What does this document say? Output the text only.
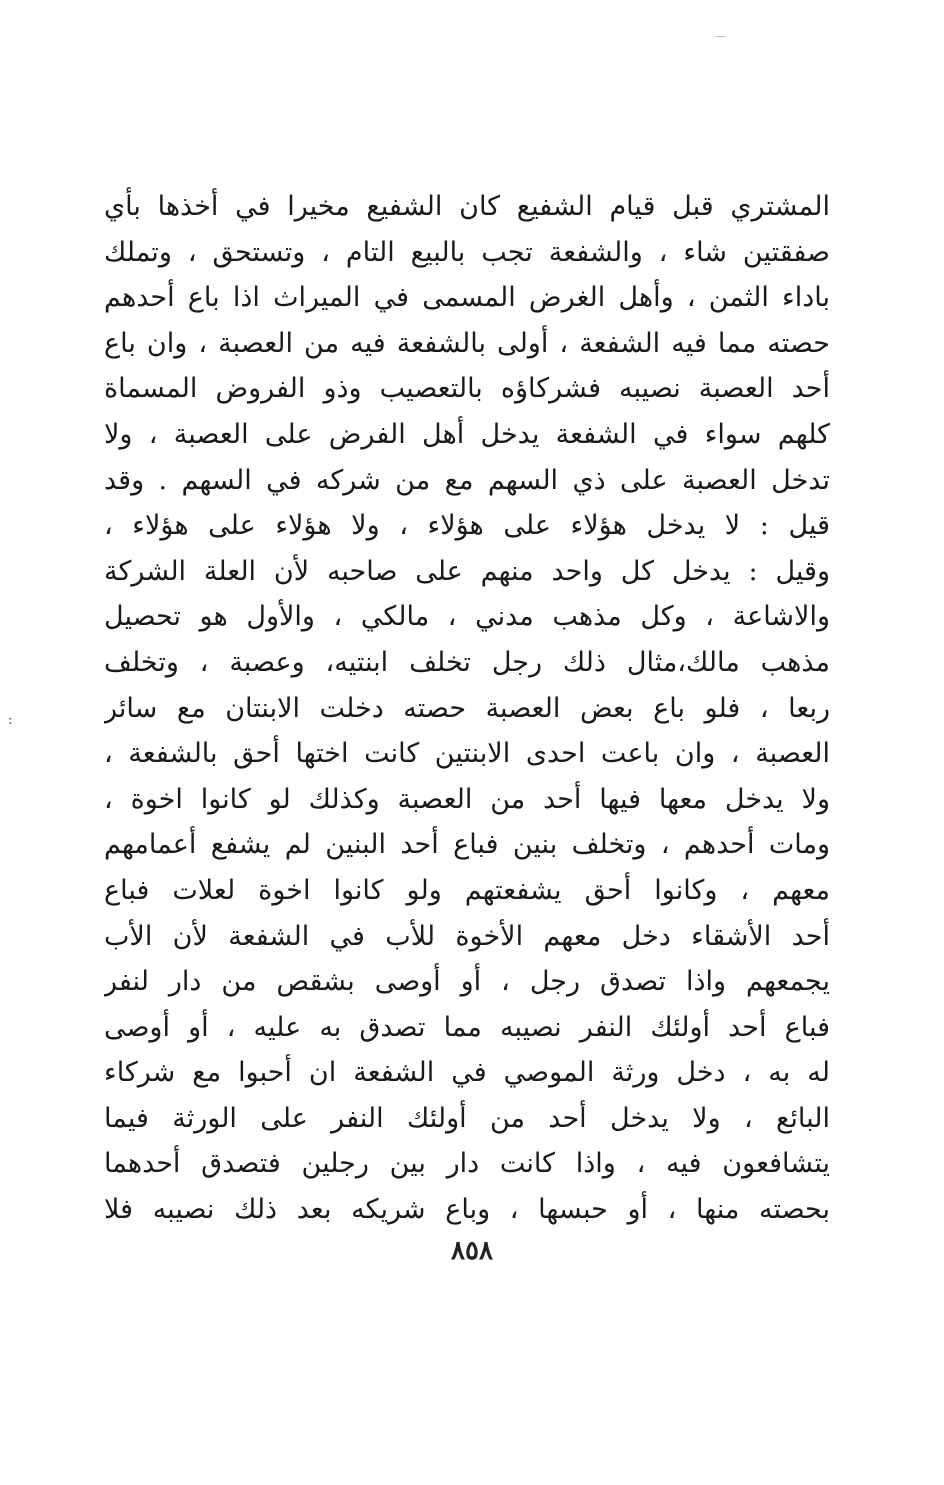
:
المشتري قبل قيام الشفيع كان الشفيع مخيرا في أخذها بأي
صفقتين شاء ، والشفعة تجب بالبيع التام ، وتستحق ، وتملك
باداء الثمن ، وأهل الغرض المسمى في الميراث اذا باع أحدهم
حصته مما فيه الشفعة ، أولى بالشفعة فيه من العصبة ، وان باع
أحد العصبة نصيبه فشركاؤه بالتعصيب وذو الفروض المسماة
كلهم سواء في الشفعة يدخل أهل الفرض على العصبة ، ولا
تدخل العصبة على ذي السهم مع من شركه في السهم . وقد
قيل : لا يدخل هؤلاء على هؤلاء ، ولا هؤلاء على هؤلاء ،
وقيل : يدخل كل واحد منهم على صاحبه لأن العلة الشركة
والاشاعة ، وكل مذهب مدني ، مالكي ، والأول هو تحصيل
مذهب مالك،مثال ذلك رجل تخلف ابنتيه، وعصبة ، وتخلف
ربعا ، فلو باع بعض العصبة حصته دخلت الابنتان مع سائر
العصبة ، وان باعت احدى الابنتين كانت اختها أحق بالشفعة ،
ولا يدخل معها فيها أحد من العصبة وكذلك لو كانوا اخوة ،
ومات أحدهم ، وتخلف بنين فباع أحد البنين لم يشفع أعمامهم
معهم ، وكانوا أحق يشفعتهم ولو كانوا اخوة لعلات فباع
أحد الأشقاء دخل معهم الأخوة للأب في الشفعة لأن الأب
يجمعهم واذا تصدق رجل ، أو أوصى بشقص من دار لنفر
فباع أحد أولئك النفر نصيبه مما تصدق به عليه ، أو أوصى
له به ، دخل ورثة الموصي في الشفعة ان أحبوا مع شركاء
البائع ، ولا يدخل أحد من أولئك النفر على الورثة فيما
يتشافعون فيه ، واذا كانت دار بين رجلين فتصدق أحدهما
بحصته منها ، أو حبسها ، وباع شريكه بعد ذلك نصيبه فلا
٨٥٨
